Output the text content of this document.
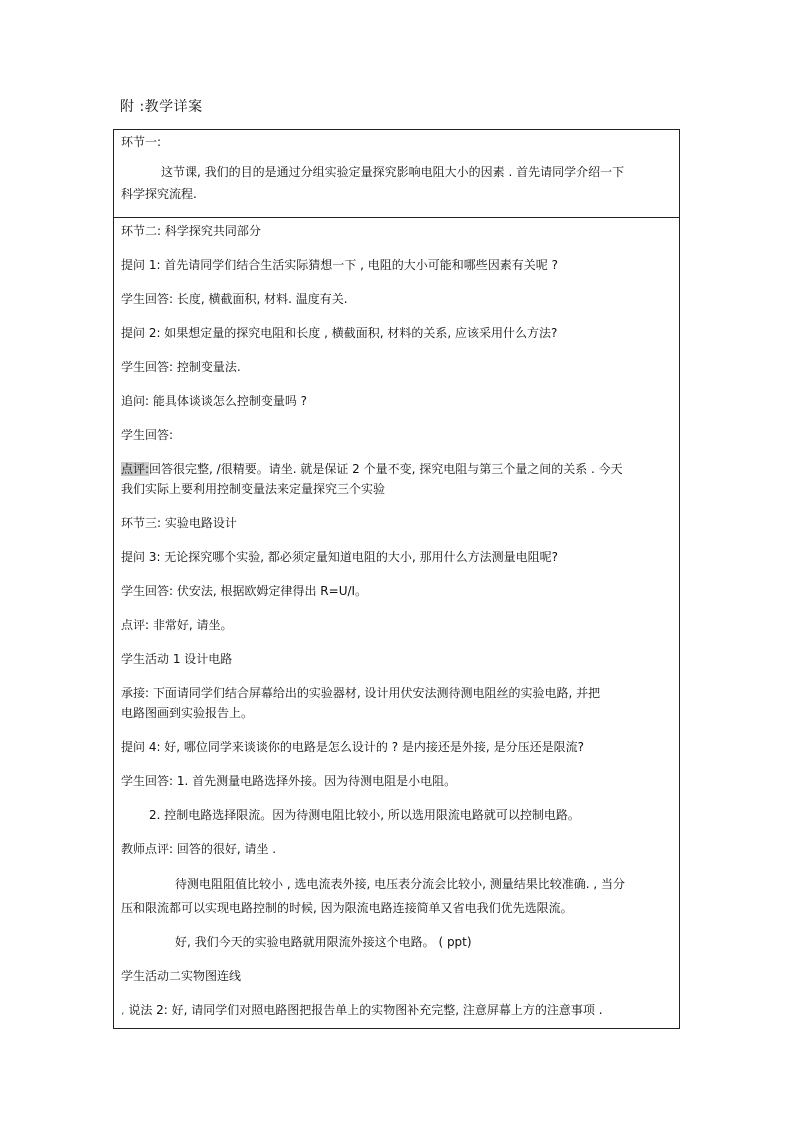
附 :教学详案

环节一:

这节课, 我们的目的是通过分组实验定量探究影响电阻大小的因素 . 首先请同学介绍一下

科学探究流程.

环节二: 科学探究共同部分

提问 1: 首先请同学们结合生活实际猜想一下 , 电阻的大小可能和哪些因素有关呢 ?

学生回答: 长度, 横截面积, 材料. 温度有关.

提问 2: 如果想定量的探究电阻和长度 , 横截面积, 材料的关系, 应该采用什么方法?

学生回答: 控制变量法.

追问: 能具体谈谈怎么控制变量吗 ?

学生回答:

点评:回答很完整, /很精要。请坐. 就是保证 2 个量不变, 探究电阻与第三个量之间的关系 . 今天

我们实际上要利用控制变量法来定量探究三个实验

环节三: 实验电路设计

提问 3: 无论探究哪个实验, 都必须定量知道电阻的大小, 那用什么方法测量电阻呢?

学生回答: 伏安法, 根据欧姆定律得出 R=U/I。

点评: 非常好, 请坐。

学生活动 1 设计电路

承接: 下面请同学们结合屏幕给出的实验器材, 设计用伏安法测待测电阻丝的实验电路, 并把

电路图画到实验报告上。

提问 4: 好, 哪位同学来谈谈你的电路是怎么设计的 ? 是内接还是外接, 是分压还是限流?

学生回答: 1. 首先测量电路选择外接。因为待测电阻是小电阻。

2. 控制电路选择限流。因为待测电阻比较小, 所以选用限流电路就可以控制电路。

教师点评: 回答的很好, 请坐 .

待测电阻阻值比较小 , 选电流表外接, 电压表分流会比较小, 测量结果比较准确. , 当分

压和限流都可以实现电路控制的时候, 因为限流电路连接简单又省电我们优先选限流。

好, 我们今天的实验电路就用限流外接这个电路。 ( ppt)

学生活动二实物图连线

, 说法 2: 好, 请同学们对照电路图把报告单上的实物图补充完整, 注意屏幕上方的注意事项 .
